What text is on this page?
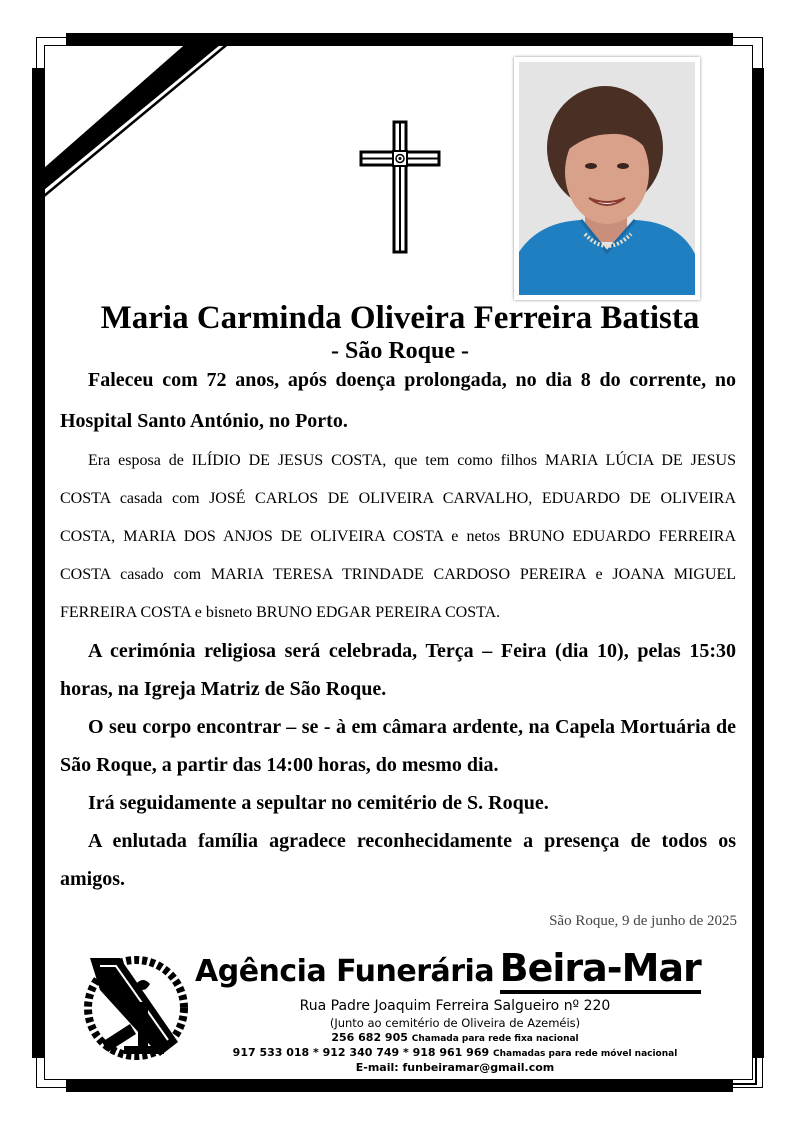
Maria Carminda Oliveira Ferreira Batista
- São Roque -

Faleceu com 72 anos, após doença prolongada, no dia 8 do corrente, no Hospital Santo António, no Porto.

Era esposa de ILÍDIO DE JESUS COSTA, que tem como filhos MARIA LÚCIA DE JESUS COSTA casada com JOSÉ CARLOS DE OLIVEIRA CARVALHO, EDUARDO DE OLIVEIRA COSTA, MARIA DOS ANJOS DE OLIVEIRA COSTA e netos BRUNO EDUARDO FERREIRA COSTA casado com MARIA TERESA TRINDADE CARDOSO PEREIRA e JOANA MIGUEL FERREIRA COSTA e bisneto BRUNO EDGAR PEREIRA COSTA.

A cerimónia religiosa será celebrada, Terça – Feira (dia 10), pelas 15:30 horas, na Igreja Matriz de São Roque.

O seu corpo encontrar – se - à em câmara ardente, na Capela Mortuária de São Roque, a partir das 14:00 horas, do mesmo dia.

Irá seguidamente a sepultar no cemitério de S. Roque.

A enlutada família agradece reconhecidamente a presença de todos os amigos.

São Roque, 9 de junho de 2025
Agência Funerária Beira-Mar
Rua Padre Joaquim Ferreira Salgueiro nº 220
(Junto ao cemitério de Oliveira de Azeméis)
256 682 905 Chamada para rede fixa nacional
917 533 018 * 912 340 749 * 918 961 969 Chamadas para rede móvel nacional
E-mail: funbeiramar@gmail.com
